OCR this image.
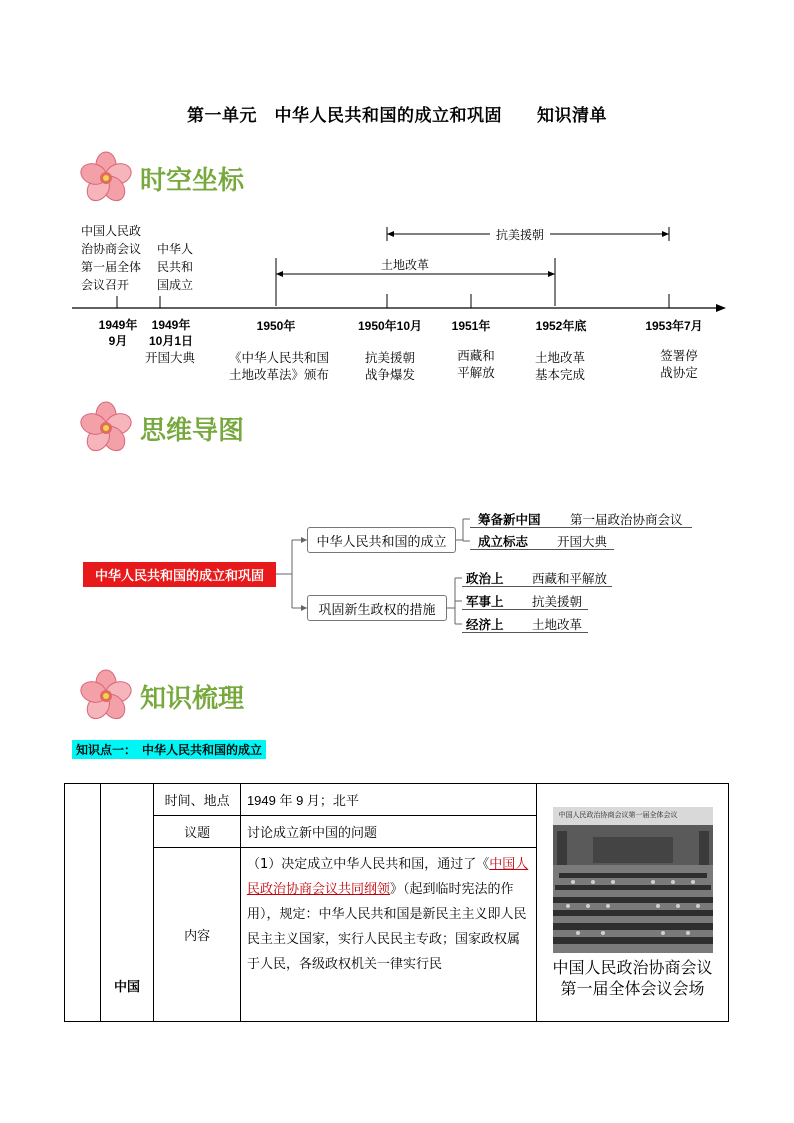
第一单元　中华人民共和国的成立和巩固　　知识清单
时空坐标
中国人民政
治协商会议
第一届全体
会议召开
中华人
民共和
国成立
抗美援朝
土地改革
1949年
9月
1949年
10月1日
1950年	1950年10月	1951年	1952年底	1953年7月
开国大典	《中华人民共和国
土地改革法》颁布
抗美援朝
战争爆发
西藏和
平解放
土地改革
基本完成
签署停
战协定
思维导图
中华人民共和国的成立和巩固
中华人民共和国的成立
巩固新生政权的措施
筹备新中国 第一届政治协商会议
成立标志 开国大典
政治上 西藏和平解放
军事上 抗美援朝
经济上 土地改革
知识梳理
知识点一：　中华人民共和国的成立
	中国	时间、地点	1949 年 9 月；北平	中国人民政治协商会议第一届全体会议
中国人民政治协商会议
第一届全体会议会场

		议题	讨论成立新中国的问题	
		内容	（1）决定成立中华人民共和国，通过了《中国人民政治协商会议共同纲领》（起到临时宪法的作用），规定：中华人民共和国是新民主主义即人民民主主义国家，实行人民民主专政；国家政权属于人民，各级政权机关一律实行民	
